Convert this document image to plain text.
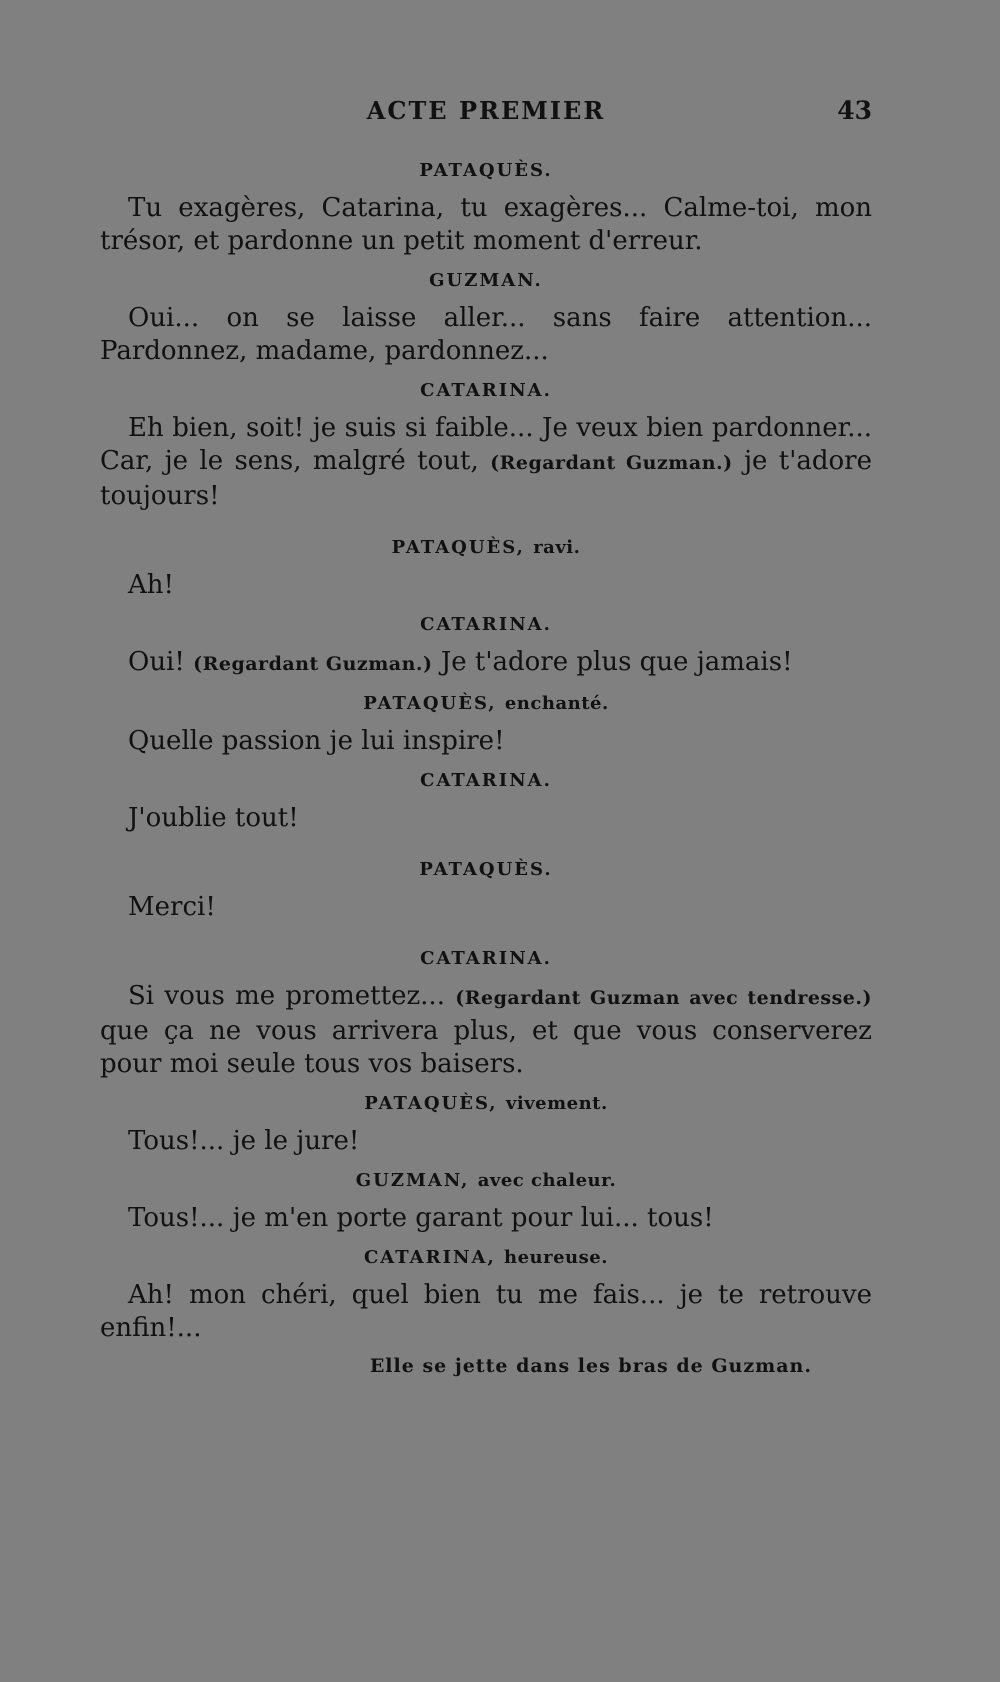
ACTE PREMIER	43
PATAQUÈS.

Tu exagères, Catarina, tu exagères... Calme-toi, mon trésor, et pardonne un petit moment d'erreur.

GUZMAN.

Oui... on se laisse aller... sans faire attention... Pardonnez, madame, pardonnez...

CATARINA.

Eh bien, soit! je suis si faible... Je veux bien pardonner... Car, je le sens, malgré tout, (Regardant Guzman.) je t'adore toujours!

PATAQUÈS, ravi.

Ah!

CATARINA.

Oui! (Regardant Guzman.) Je t'adore plus que jamais!

PATAQUÈS, enchanté.

Quelle passion je lui inspire!

CATARINA.

J'oublie tout!

PATAQUÈS.

Merci!

CATARINA.

Si vous me promettez... (Regardant Guzman avec tendresse.) que ça ne vous arrivera plus, et que vous conserverez pour moi seule tous vos baisers.

PATAQUÈS, vivement.

Tous!... je le jure!

GUZMAN, avec chaleur.

Tous!... je m'en porte garant pour lui... tous!

CATARINA, heureuse.

Ah! mon chéri, quel bien tu me fais... je te retrouve enfin!...

Elle se jette dans les bras de Guzman.
